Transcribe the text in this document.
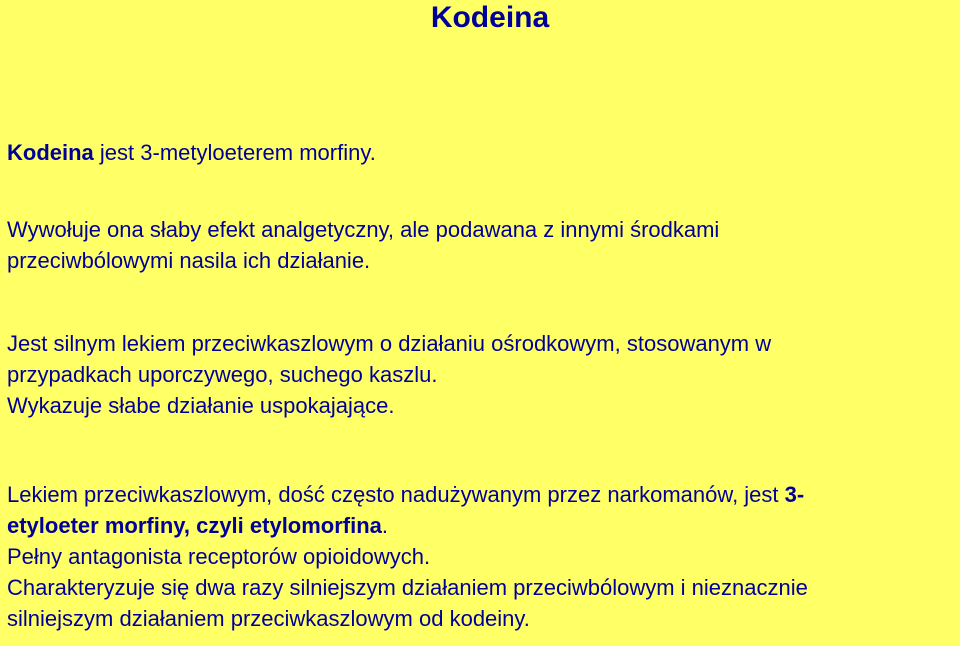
Kodeina
Kodeina jest 3-metyloeterem morfiny.
Wywołuje ona słaby efekt analgetyczny, ale podawana z innymi środkami
przeciwbólowymi nasila ich działanie.
Jest silnym lekiem przeciwkaszlowym o działaniu ośrodkowym, stosowanym w
przypadkach uporczywego, suchego kaszlu.
Wykazuje słabe działanie uspokajające.
Lekiem przeciwkaszlowym, dość często nadużywanym przez narkomanów, jest 3-
etyloeter morfiny, czyli etylomorfina.
Pełny antagonista receptorów opioidowych.
Charakteryzuje się dwa razy silniejszym działaniem przeciwbólowym i nieznacznie
silniejszym działaniem przeciwkaszlowym od kodeiny.
